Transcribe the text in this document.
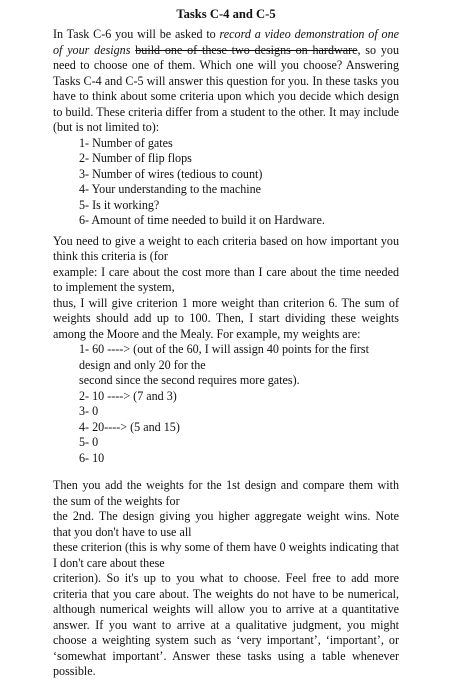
Tasks C-4 and C-5

In Task C-6 you will be asked to record a video demonstration of one of your designs build one of these two designs on hardware, so you need to choose one of them. Which one will you choose? Answering Tasks C-4 and C-5 will answer this question for you. In these tasks you have to think about some criteria upon which you decide which design to build. These criteria differ from a student to the other. It may include (but is not limited to):

1- Number of gates
2- Number of flip flops
3- Number of wires (tedious to count)
4- Your understanding to the machine
5- Is it working?
6- Amount of time needed to build it on Hardware.

You need to give a weight to each criteria based on how important you think this criteria is (for

example: I care about the cost more than I care about the time needed to implement the system,

thus, I will give criterion 1 more weight than criterion 6. The sum of weights should add up to 100. Then, I start dividing these weights among the Moore and the Mealy. For example, my weights are:

1- 60 ----> (out of the 60, I will assign 40 points for the first design and only 20 for the
second since the second requires more gates).
2- 10 ----> (7 and 3)
3- 0
4- 20----> (5 and 15)
5- 0
6- 10

Then you add the weights for the 1st design and compare them with the sum of the weights for

the 2nd. The design giving you higher aggregate weight wins. Note that you don't have to use all

these criterion (this is why some of them have 0 weights indicating that I don't care about these

criterion). So it's up to you what to choose. Feel free to add more criteria that you care about. The weights do not have to be numerical, although numerical weights will allow you to arrive at a quantitative answer. If you want to arrive at a qualitative judgment, you might choose a weighting system such as ‘very important’, ‘important’, or ‘somewhat important’. Answer these tasks using a table whenever possible.
